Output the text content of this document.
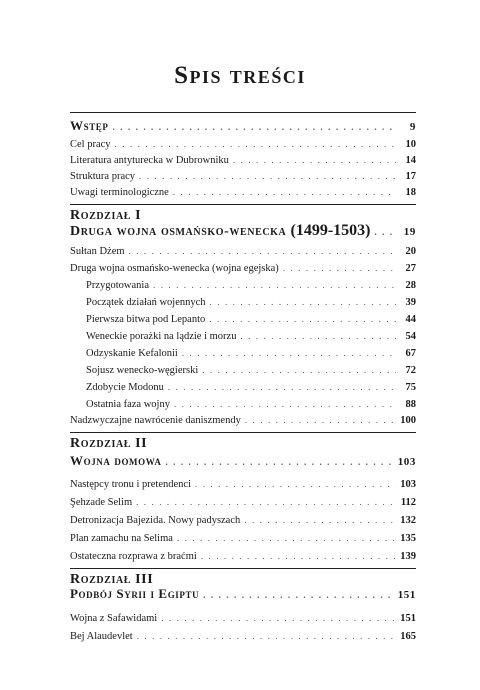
Spis treści
Wstęp . . .	9
Cel pracy . . .	10
Literatura antyturecka w Dubrowniku . . .	14
Struktura pracy . . .	17
Uwagi terminologiczne . . .	18
Rozdział I
Druga wojna osmańsko-wenecka (1499-1503) . . .	19
Sułtan Dżem . . .	20
Druga wojna osmańsko-wenecka (wojna egejska) . . .	27
Przygotowania . . .	28
Początek działań wojennych . . .	39
Pierwsza bitwa pod Lepanto . . .	44
Weneckie porażki na lądzie i morzu . . .	54
Odzyskanie Kefalonii . . .	67
Sojusz wenecko-węgierski . . .	72
Zdobycie Modonu . . .	75
Ostatnia faza wojny . . .	88
Nadzwyczajne nawrócenie daniszmendy . . .	100
Rozdział II
Wojna domowa . . .	103
Następcy tronu i pretendenci . . .	103
Şehzade Selim . . .	112
Detronizacja Bajezida. Nowy padyszach . . .	132
Plan zamachu na Selima . . .	135
Ostateczna rozprawa z braćmi . . .	139
Rozdział III
Podbój Syrii i Egiptu . . .	151
Wojna z Safawidami . . .	151
Bej Alaudevlet . . .	165
